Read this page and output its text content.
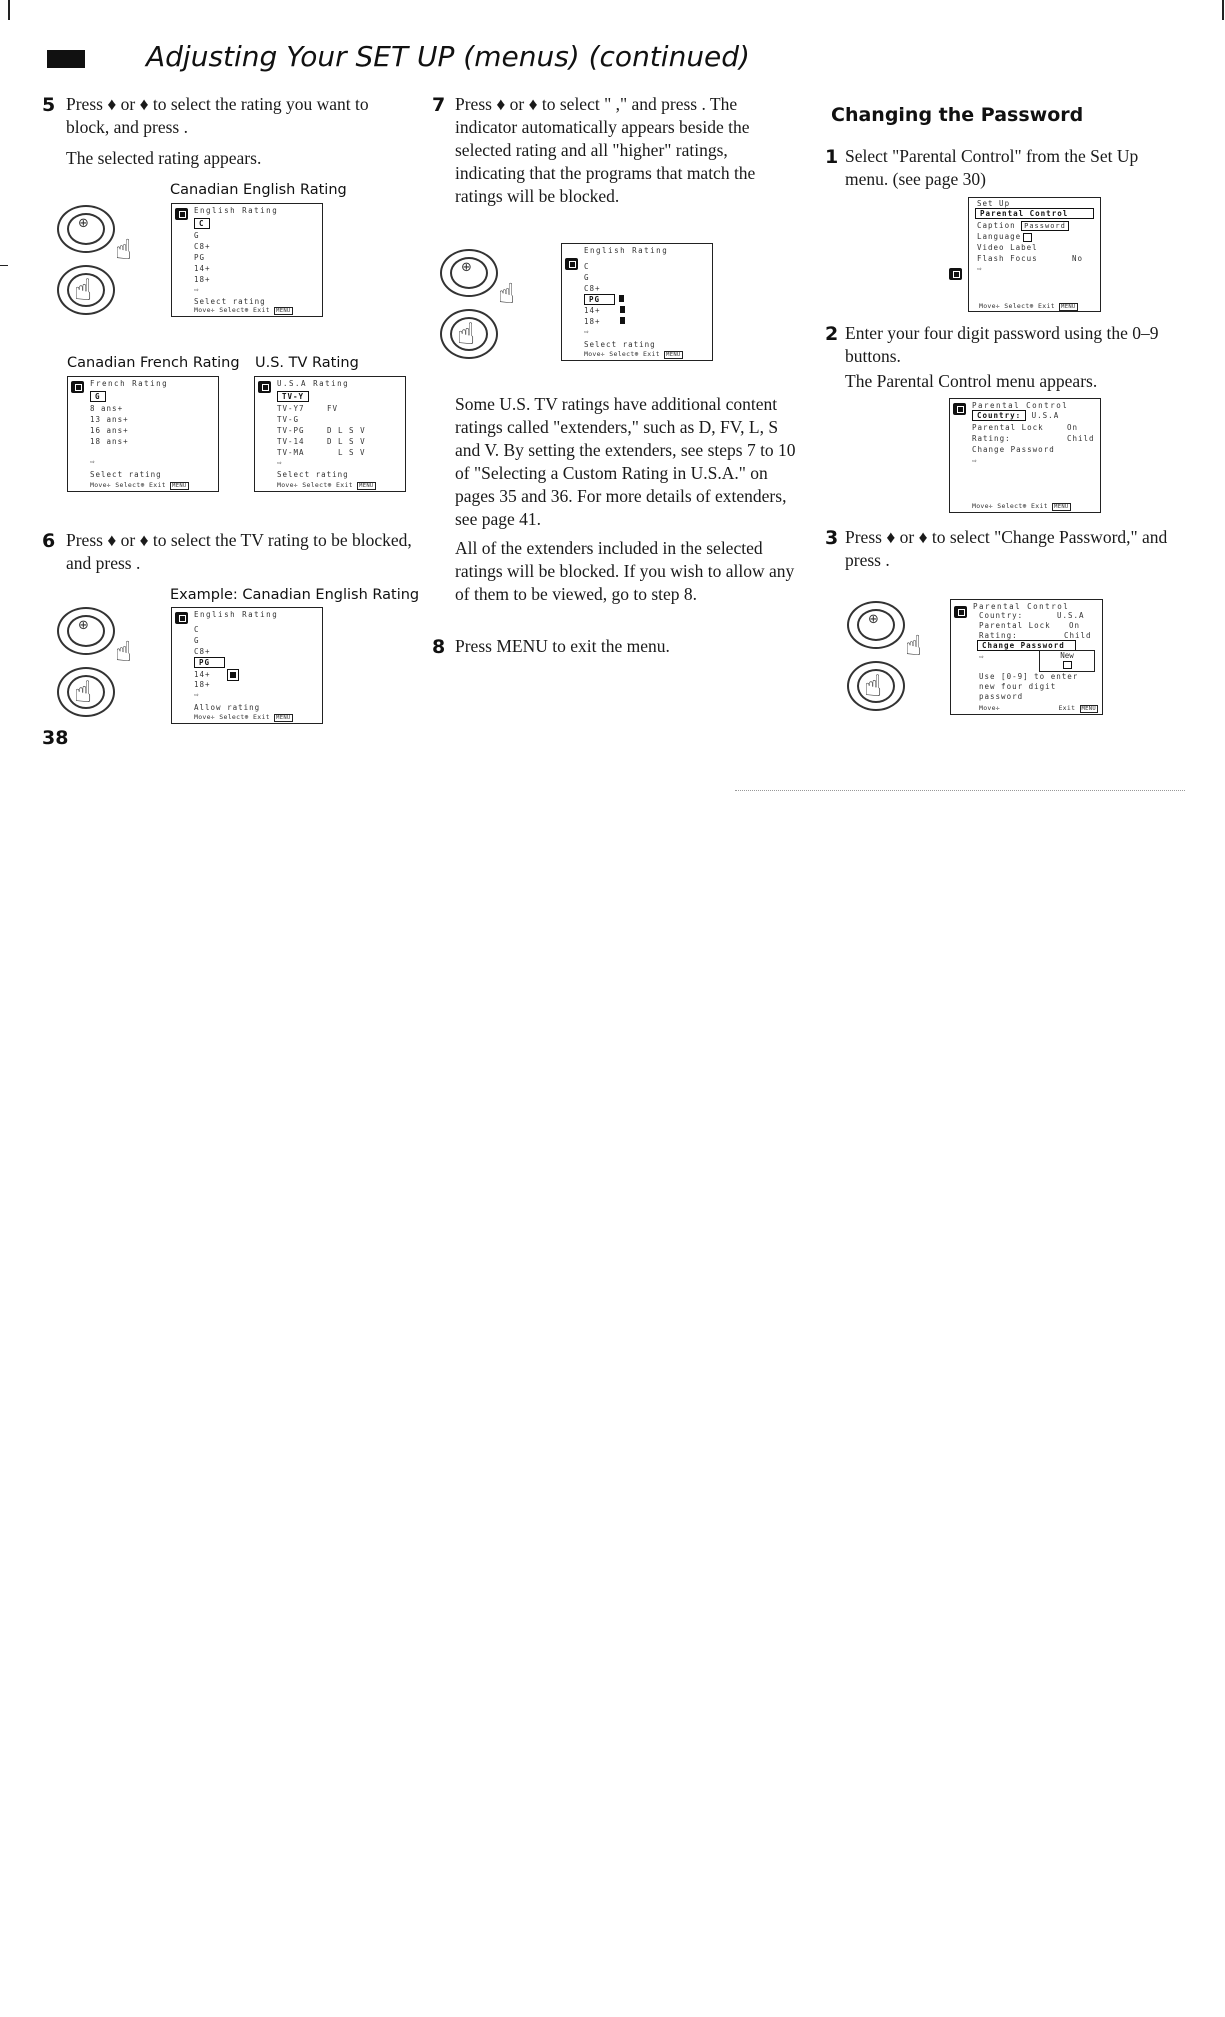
Adjusting Your SET UP (menus) (continued)
5 Press ♦ or ♦ to select the rating you want to block, and press .

The selected rating appears.

Canadian English Rating
⊕
☝
☝
English Rating
C
G
C8+
PG
14+
18+
⇨
Select rating
Move✛ Select⊕ Exit MENU
Canadian French Rating U.S. TV Rating
French Rating
G
8 ans+
13 ans+
16 ans+
18 ans+
⇨
Select rating
Move✛ Select⊕ Exit MENU
U.S.A Rating
TV-Y
TV-Y7	FV
TV-G
TV-PG	D L S V
TV-14	D L S V
TV-MA	L S V
⇨
Select rating
Move✛ Select⊕ Exit MENU
6 Press ♦ or ♦ to select the TV rating to be blocked, and press .
Example: Canadian English Rating
⊕
☝
☝
English Rating
C
G
C8+
PG
14+
18+
⇨
Allow rating
Move✛ Select⊕ Exit MENU
38
7 Press ♦ or ♦ to select " ," and press . The indicator automatically appears beside the selected rating and all "higher" ratings, indicating that the programs that match the ratings will be blocked.
⊕
☝
☝
English Rating
C
G
C8+
PG
14+
18+
⇨
Select rating
Move✛ Select⊕ Exit MENU

Some U.S. TV ratings have additional content ratings called "extenders," such as D, FV, L, S and V. By setting the extenders, see steps 7 to 10 of "Selecting a Custom Rating in U.S.A." on pages 35 and 36. For more details of extenders, see page 41.

All of the extenders included in the selected ratings will be blocked. If you wish to allow any of them to be viewed, go to step 8.

8 Press MENU to exit the menu.
Changing the Password
1 Select "Parental Control" from the Set Up menu. (see page 30)
Set Up
Parental Control
Caption Password
Language
Video Label
Flash Focus	No
⇨
Move✛ Select⊕ Exit MENU
2 Enter your four digit password using the 0–9 buttons.

The Parental Control menu appears.

Parental Control
Country: U.S.A
Parental Lock	On
Rating:	Child
Change Password
⇨
Move✛ Select⊕ Exit MENU
3 Press ♦ or ♦ to select "Change Password," and press .
⊕
☝
☝
Parental Control
Country:	U.S.A
Parental Lock On
Rating:	Child
Change Password
⇨	New
Use [0-9] to enter
new four digit
password
Move✛	Exit MENU
